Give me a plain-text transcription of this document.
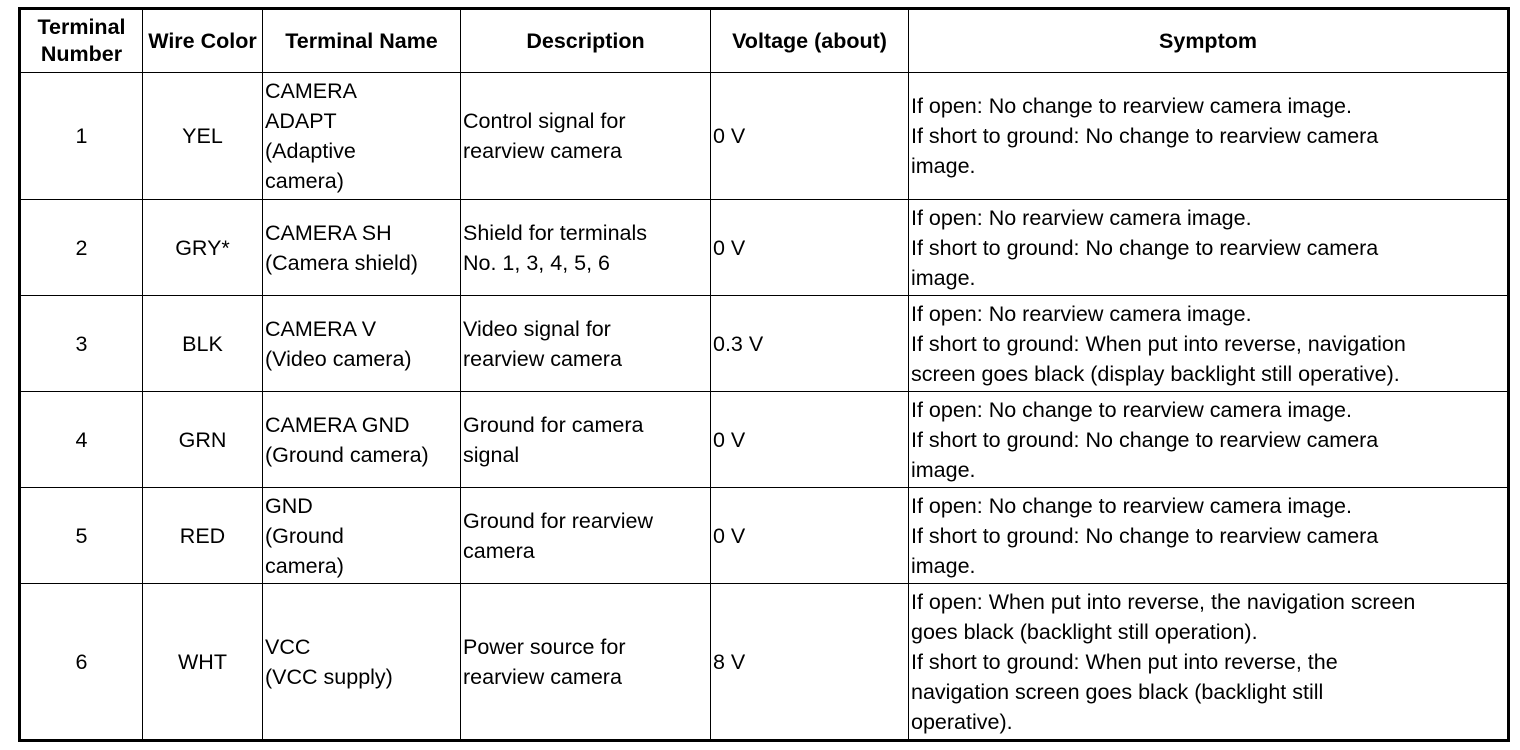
Terminal Number	Wire Color	Terminal Name	Description	Voltage (about)	Symptom
1	YEL	CAMERA
ADAPT
(Adaptive
camera)	Control signal for
rearview camera	0 V	If open: No change to rearview camera image.
If short to ground: No change to rearview camera
image.

2	GRY*	CAMERA SH
(Camera shield)	Shield for terminals
No. 1, 3, 4, 5, 6	0 V	If open: No rearview camera image.
If short to ground: No change to rearview camera
image.

3	BLK	CAMERA V
(Video camera)	Video signal for
rearview camera	0.3 V	If open: No rearview camera image.
If short to ground: When put into reverse, navigation
screen goes black (display backlight still operative).

4	GRN	CAMERA GND
(Ground camera)	Ground for camera
signal	0 V	If open: No change to rearview camera image.
If short to ground: No change to rearview camera
image.

5	RED	GND
(Ground
camera)	Ground for rearview
camera	0 V	If open: No change to rearview camera image.
If short to ground: No change to rearview camera
image.

6	WHT	VCC
(VCC supply)	Power source for
rearview camera	8 V	If open: When put into reverse, the navigation screen
goes black (backlight still operation).
If short to ground: When put into reverse, the
navigation screen goes black (backlight still
operative).
